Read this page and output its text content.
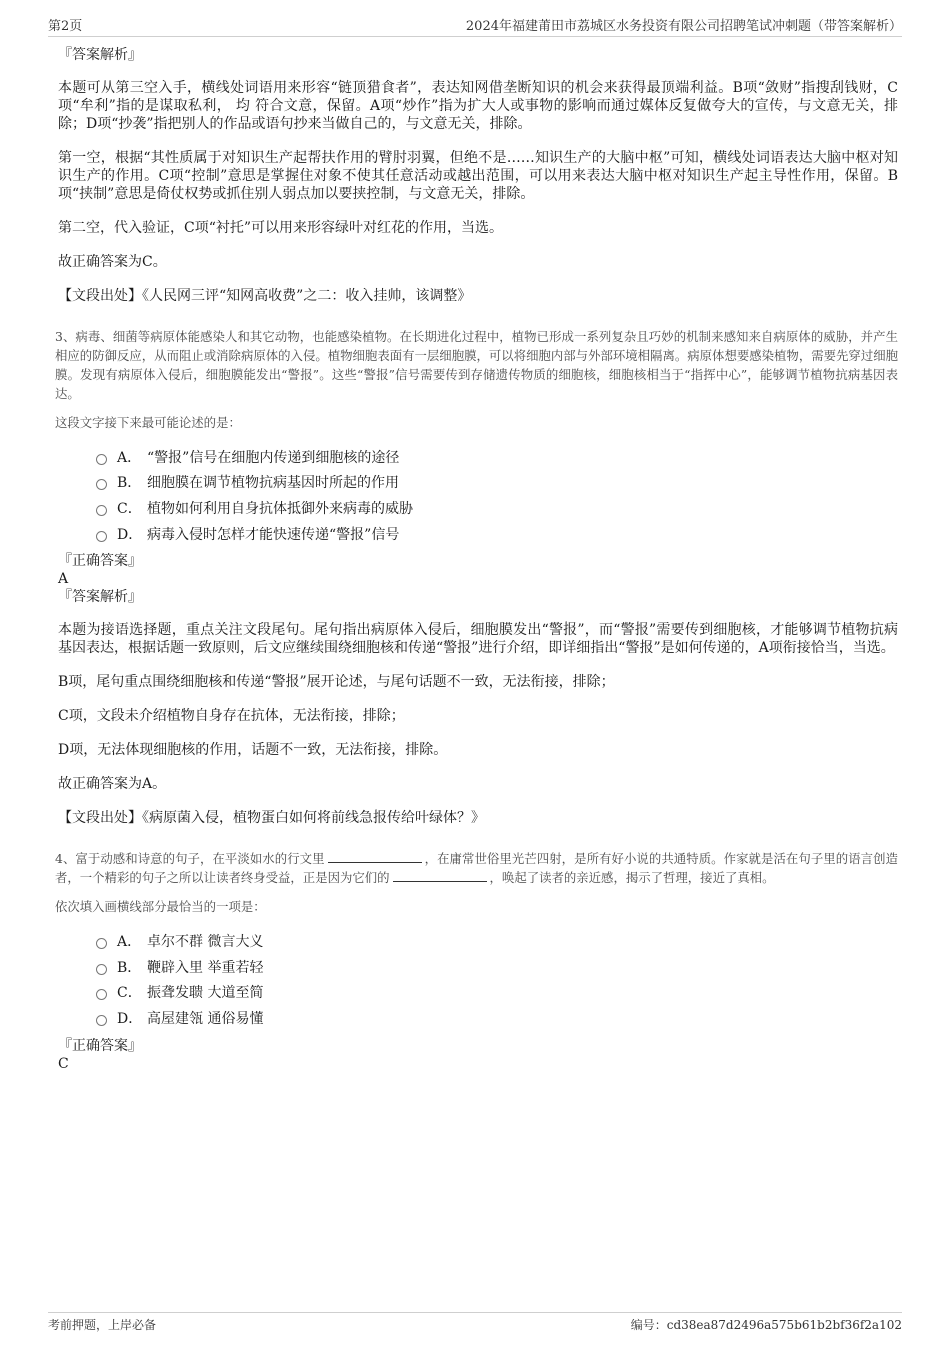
第2页	2024年福建莆田市荔城区水务投资有限公司招聘笔试冲刺题（带答案解析）

『答案解析』

本题可从第三空入手，横线处词语用来形容“链顶猎食者”，表达知网借垄断知识的机会来获得最顶端利益。B项“敛财”指搜刮钱财，C项“牟利”指的是谋取私利， 均 符合文意，保留。A项“炒作”指为扩大人或事物的影响而通过媒体反复做夸大的宣传，与文意无关，排除；D项“抄袭”指把别人的作品或语句抄来当做自己的，与文意无关，排除。

第一空，根据“其性质属于对知识生产起帮扶作用的臂肘羽翼，但绝不是……知识生产的大脑中枢”可知，横线处词语表达大脑中枢对知识生产的作用。C项“控制”意思是掌握住对象不使其任意活动或越出范围，可以用来表达大脑中枢对知识生产起主导性作用，保留。B项“挟制”意思是倚仗权势或抓住别人弱点加以要挟控制，与文意无关，排除。

第二空，代入验证，C项“衬托”可以用来形容绿叶对红花的作用，当选。

故正确答案为C。

【文段出处】《人民网三评“知网高收费”之二：收入挂帅，该调整》

3、病毒、细菌等病原体能感染人和其它动物，也能感染植物。在长期进化过程中，植物已形成一系列复杂且巧妙的机制来感知来自病原体的威胁，并产生相应的防御反应，从而阻止或消除病原体的入侵。植物细胞表面有一层细胞膜，可以将细胞内部与外部环境相隔离。病原体想要感染植物，需要先穿过细胞膜。发现有病原体入侵后，细胞膜能发出“警报”。这些“警报”信号需要传到存储遗传物质的细胞核，细胞核相当于“指挥中心”，能够调节植物抗病基因表达。

这段文字接下来最可能论述的是：

A． “警报”信号在细胞内传递到细胞核的途径
B． 细胞膜在调节植物抗病基因时所起的作用
C． 植物如何利用自身抗体抵御外来病毒的威胁
D． 病毒入侵时怎样才能快速传递“警报”信号

『正确答案』

A

『答案解析』

本题为接语选择题，重点关注文段尾句。尾句指出病原体入侵后，细胞膜发出“警报”，而“警报”需要传到细胞核，才能够调节植物抗病基因表达，根据话题一致原则，后文应继续围绕细胞核和传递“警报”进行介绍，即详细指出“警报”是如何传递的，A项衔接恰当，当选。

B项，尾句重点围绕细胞核和传递“警报”展开论述，与尾句话题不一致，无法衔接，排除；

C项，文段未介绍植物自身存在抗体，无法衔接，排除；

D项，无法体现细胞核的作用，话题不一致，无法衔接，排除。

故正确答案为A。

【文段出处】《病原菌入侵，植物蛋白如何将前线急报传给叶绿体？》

4、富于动感和诗意的句子，在平淡如水的行文里	，在庸常世俗里光芒四射，是所有好小说的共通特质。作家就是活在句子里的语言创造者，一个精彩的句子之所以让读者终身受益，正是因为它们的	，唤起了读者的亲近感，揭示了哲理，接近了真相。

依次填入画横线部分最恰当的一项是：

A． 卓尔不群 微言大义
B． 鞭辟入里 举重若轻
C． 振聋发聩 大道至简
D． 高屋建瓴 通俗易懂

『正确答案』

C

考前押题，上岸必备	编号：cd38ea87d2496a575b61b2bf36f2a102
